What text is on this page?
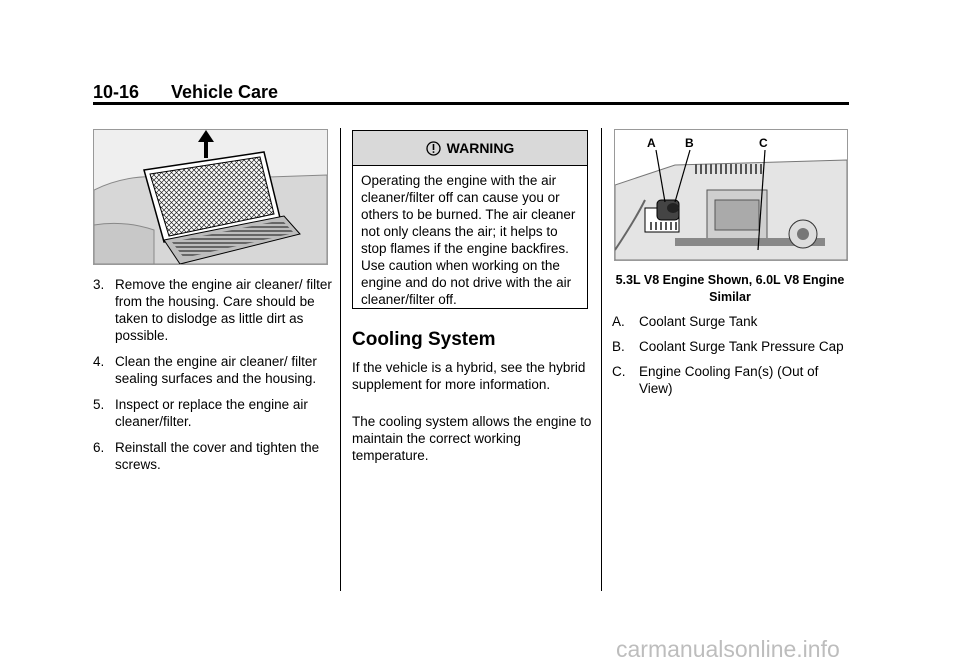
10-16 Vehicle Care
3. Remove the engine air cleaner/ filter from the housing. Care should be taken to dislodge as little dirt as possible.
4. Clean the engine air cleaner/ filter sealing surfaces and the housing.
5. Inspect or replace the engine air cleaner/filter.
6. Reinstall the cover and tighten the screws.
WARNING
Operating the engine with the air cleaner/filter off can cause you or others to be burned. The air cleaner not only cleans the air; it helps to stop flames if the engine backfires. Use caution when working on the engine and do not drive with the air cleaner/filter off.
Cooling System
If the vehicle is a hybrid, see the hybrid supplement for more information.
The cooling system allows the engine to maintain the correct working temperature.
A B	C
5.3L V8 Engine Shown, 6.0L V8 Engine Similar
A. Coolant Surge Tank
B. Coolant Surge Tank Pressure Cap
C. Engine Cooling Fan(s) (Out of View)
carmanualsonline.info
